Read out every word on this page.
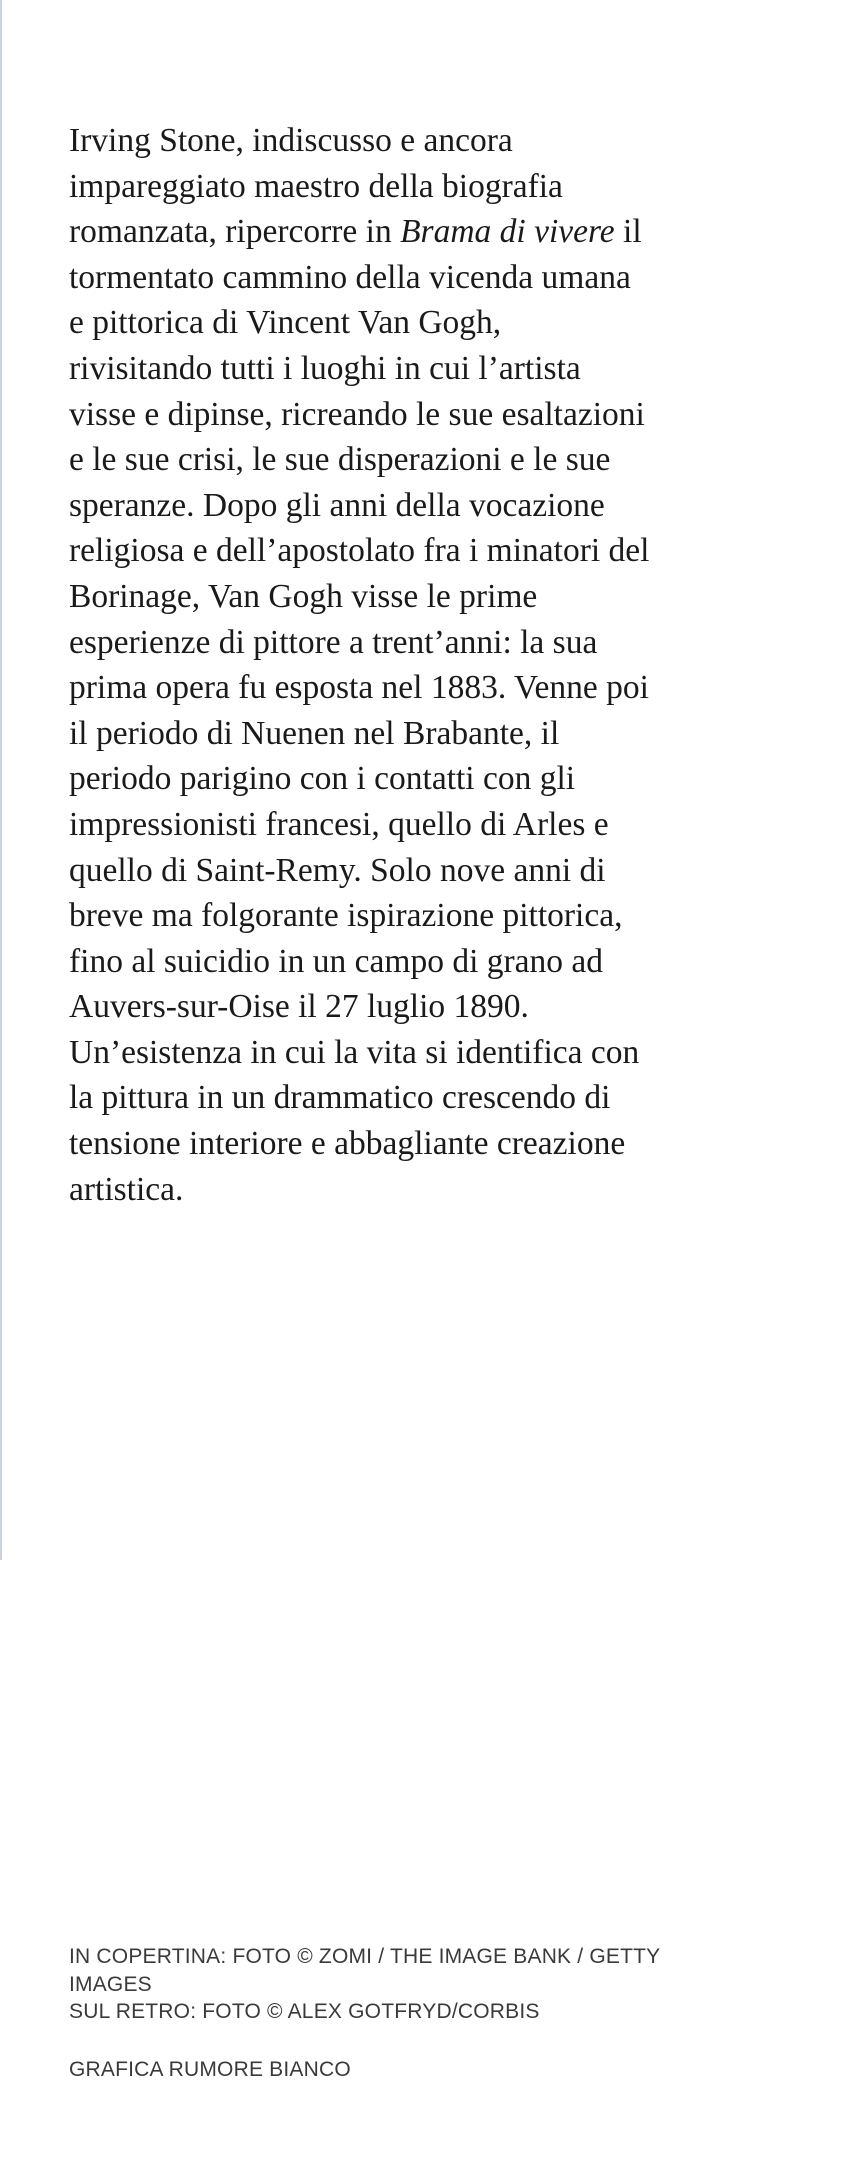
Irving Stone, indiscusso e ancora
impareggiato maestro della biografia
romanzata, ripercorre in Brama di vivere il
tormentato cammino della vicenda umana
e pittorica di Vincent Van Gogh,
rivisitando tutti i luoghi in cui l’artista
visse e dipinse, ricreando le sue esaltazioni
e le sue crisi, le sue disperazioni e le sue
speranze. Dopo gli anni della vocazione
religiosa e dell’apostolato fra i minatori del
Borinage, Van Gogh visse le prime
esperienze di pittore a trent’anni: la sua
prima opera fu esposta nel 1883. Venne poi
il periodo di Nuenen nel Brabante, il
periodo parigino con i contatti con gli
impressionisti francesi, quello di Arles e
quello di Saint-Remy. Solo nove anni di
breve ma folgorante ispirazione pittorica,
fino al suicidio in un campo di grano ad
Auvers-sur-Oise il 27 luglio 1890.
Un’esistenza in cui la vita si identifica con
la pittura in un drammatico crescendo di
tensione interiore e abbagliante creazione
artistica.

IN COPERTINA: FOTO © ZOMI / THE IMAGE BANK / GETTY
IMAGES
SUL RETRO: FOTO © ALEX GOTFRYD/CORBIS
GRAFICA RUMORE BIANCO
